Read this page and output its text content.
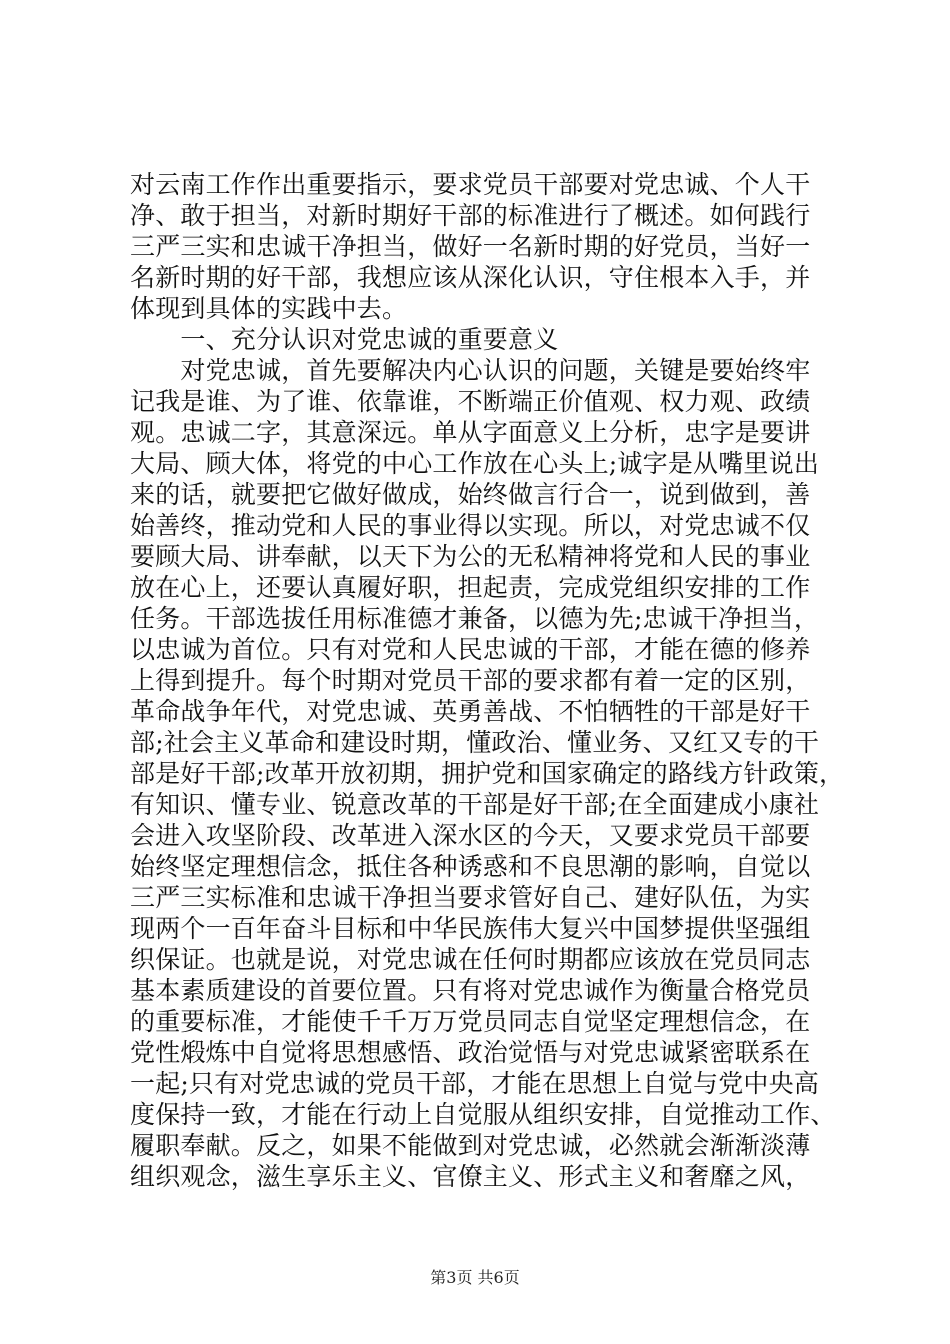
对云南工作作出重要指示，要求党员干部要对党忠诚、个人干
净、敢于担当，对新时期好干部的标准进行了概述。如何践行
三严三实和忠诚干净担当，做好一名新时期的好党员，当好一
名新时期的好干部，我想应该从深化认识，守住根本入手，并
体现到具体的实践中去。
　　一、充分认识对党忠诚的重要意义
　　对党忠诚，首先要解决内心认识的问题，关键是要始终牢
记我是谁、为了谁、依靠谁，不断端正价值观、权力观、政绩
观。忠诚二字，其意深远。单从字面意义上分析，忠字是要讲
大局、顾大体，将党的中心工作放在心头上;诚字是从嘴里说出
来的话，就要把它做好做成，始终做言行合一，说到做到，善
始善终，推动党和人民的事业得以实现。所以，对党忠诚不仅
要顾大局、讲奉献，以天下为公的无私精神将党和人民的事业
放在心上，还要认真履好职，担起责，完成党组织安排的工作
任务。干部选拔任用标准德才兼备，以德为先;忠诚干净担当，
以忠诚为首位。只有对党和人民忠诚的干部，才能在德的修养
上得到提升。每个时期对党员干部的要求都有着一定的区别，
革命战争年代，对党忠诚、英勇善战、不怕牺牲的干部是好干
部;社会主义革命和建设时期，懂政治、懂业务、又红又专的干
部是好干部;改革开放初期，拥护党和国家确定的路线方针政策，
有知识、懂专业、锐意改革的干部是好干部;在全面建成小康社
会进入攻坚阶段、改革进入深水区的今天，又要求党员干部要
始终坚定理想信念，抵住各种诱惑和不良思潮的影响，自觉以
三严三实标准和忠诚干净担当要求管好自己、建好队伍，为实
现两个一百年奋斗目标和中华民族伟大复兴中国梦提供坚强组
织保证。也就是说，对党忠诚在任何时期都应该放在党员同志
基本素质建设的首要位置。只有将对党忠诚作为衡量合格党员
的重要标准，才能使千千万万党员同志自觉坚定理想信念，在
党性煅炼中自觉将思想感悟、政治觉悟与对党忠诚紧密联系在
一起;只有对党忠诚的党员干部，才能在思想上自觉与党中央高
度保持一致，才能在行动上自觉服从组织安排，自觉推动工作、
履职奉献。反之，如果不能做到对党忠诚，必然就会渐渐淡薄
组织观念，滋生享乐主义、官僚主义、形式主义和奢靡之风，
第3页 共6页
